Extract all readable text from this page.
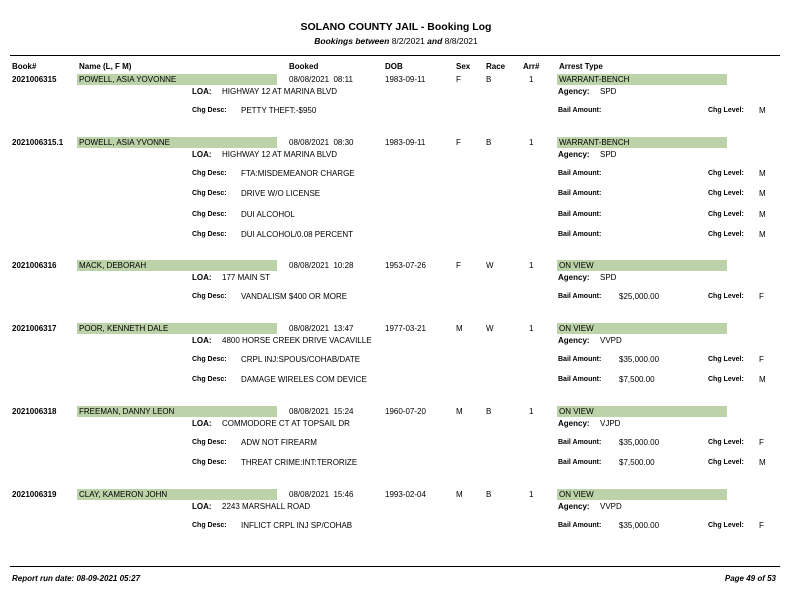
SOLANO COUNTY JAIL - Booking Log
Bookings between 8/2/2021 and 8/8/2021
Book#	Name (L, F M)	Booked	DOB	Sex Race Arr# Arrest Type
2021006315	POWELL, ASIA YOVONNE	08/08/2021  08:11	1983-09-11	F	B	1	WARRANT-BENCH
LOA: HIGHWAY 12 AT MARINA BLVD	Agency: SPD
Chg Desc: PETTY THEFT:-$950	Bail Amount:	Chg Level: M
2021006315.1 POWELL, ASIA YVONNE	08/08/2021  08:30	1983-09-11	F	B	1	WARRANT-BENCH
LOA: HIGHWAY 12 AT MARINA BLVD	Agency: SPD
Chg Desc: FTA:MISDEMEANOR CHARGE	Bail Amount:	Chg Level: M
Chg Desc: DRIVE W/O LICENSE	Bail Amount:	Chg Level: M
Chg Desc: DUI ALCOHOL	Bail Amount:	Chg Level: M
Chg Desc: DUI ALCOHOL/0.08 PERCENT	Bail Amount:	Chg Level: M
2021006316	MACK, DEBORAH	08/08/2021  10:28	1953-07-26	F	W	1	ON VIEW
LOA: 177 MAIN ST	Agency: SPD
Chg Desc: VANDALISM $400 OR MORE	Bail Amount: $25,000.00	Chg Level: F
2021006317	POOR, KENNETH DALE	08/08/2021  13:47	1977-03-21	M	W	1	ON VIEW
LOA: 4800 HORSE CREEK DRIVE VACAVILLE	Agency: VVPD
Chg Desc: CRPL INJ:SPOUS/COHAB/DATE	Bail Amount: $35,000.00	Chg Level: F
Chg Desc: DAMAGE WIRELES COM DEVICE	Bail Amount: $7,500.00	Chg Level: M
2021006318	FREEMAN, DANNY LEON	08/08/2021  15:24	1960-07-20	M	B	1	ON VIEW
LOA: COMMODORE CT AT TOPSAIL DR	Agency: VJPD
Chg Desc: ADW NOT FIREARM	Bail Amount: $35,000.00	Chg Level: F
Chg Desc: THREAT CRIME:INT:TERORIZE	Bail Amount: $7,500.00	Chg Level: M
2021006319	CLAY, KAMERON JOHN	08/08/2021  15:46	1993-02-04	M	B	1	ON VIEW
LOA: 2243 MARSHALL ROAD	Agency: VVPD
Chg Desc: INFLICT CRPL INJ SP/COHAB	Bail Amount: $35,000.00	Chg Level: F
Report run date: 08-09-2021 05:27	Page 49 of 53
